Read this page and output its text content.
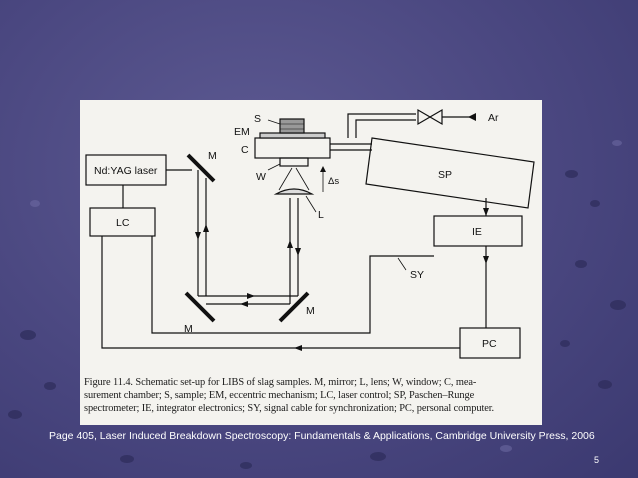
Nd:YAG laser
LC
M
M
M
L
Δs
W
C
EM
S
SP
Ar
IE
PC
SY
Figure 11.4. Schematic set-up for LIBS of slag samples. M, mirror; L, lens; W, window; C, mea-
surement chamber; S, sample; EM, eccentric mechanism; LC, laser control; SP, Paschen–Runge
spectrometer; IE, integrator electronics; SY, signal cable for synchronization; PC, personal computer.
Page 405, Laser Induced Breakdown Spectroscopy: Fundamentals & Applications, Cambridge University Press, 2006
5
